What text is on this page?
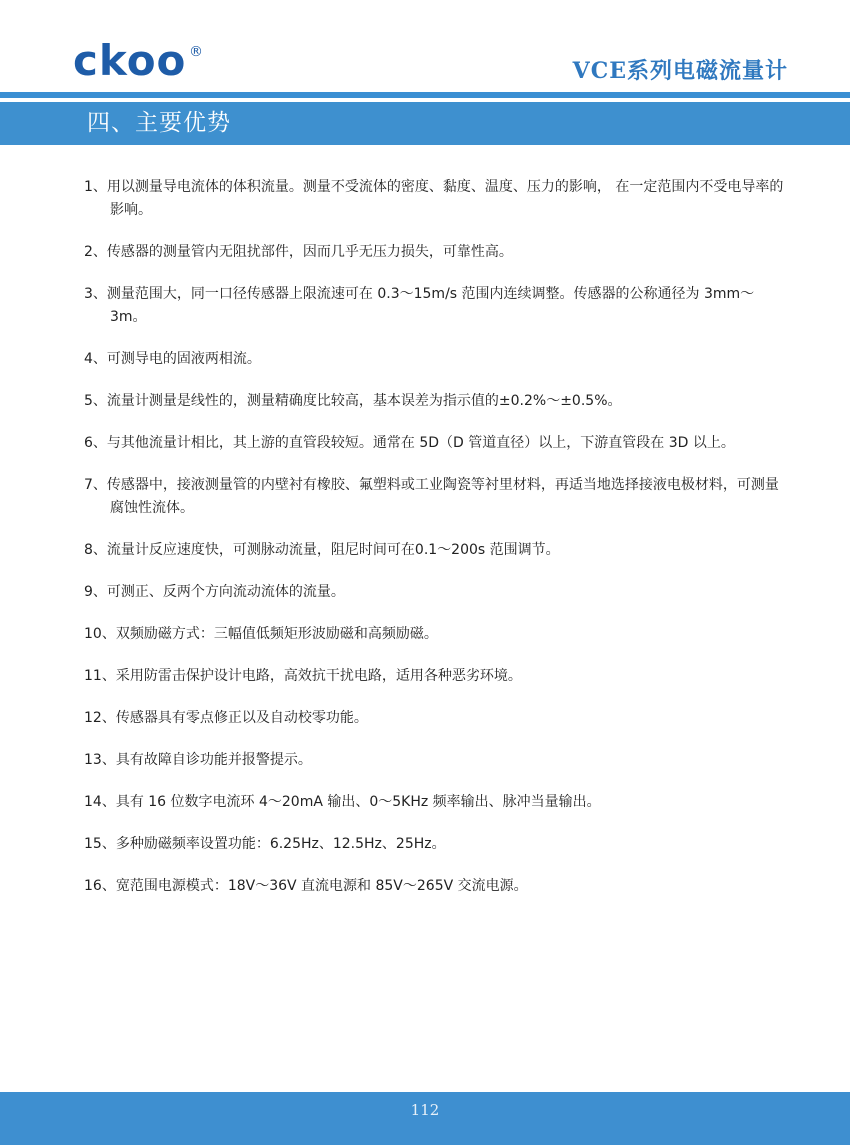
ckoo ®
VCE系列电磁流量计
四、主要优势
1、用以测量导电流体的体积流量。测量不受流体的密度、黏度、温度、压力的影响， 在一定范围内不受电导率的影响。
2、传感器的测量管内无阻扰部件，因而几乎无压力损失，可靠性高。
3、测量范围大，同一口径传感器上限流速可在 0.3～15m/s 范围内连续调整。传感器的公称通径为 3mm～3m。
4、可测导电的固液两相流。
5、流量计测量是线性的，测量精确度比较高，基本误差为指示值的±0.2%～±0.5%。
6、与其他流量计相比，其上游的直管段较短。通常在 5D（D 管道直径）以上，下游直管段在 3D 以上。
7、传感器中，接液测量管的内壁衬有橡胶、氟塑料或工业陶瓷等衬里材料，再适当地选择接液电极材料，可测量腐蚀性流体。
8、流量计反应速度快，可测脉动流量，阻尼时间可在0.1～200s 范围调节。
9、可测正、反两个方向流动流体的流量。
10、双频励磁方式：三幅值低频矩形波励磁和高频励磁。
11、采用防雷击保护设计电路，高效抗干扰电路，适用各种恶劣环境。
12、传感器具有零点修正以及自动校零功能。
13、具有故障自诊功能并报警提示。
14、具有 16 位数字电流环 4～20mA 输出、0～5KHz 频率输出、脉冲当量输出。
15、多种励磁频率设置功能：6.25Hz、12.5Hz、25Hz。
16、宽范围电源模式：18V～36V 直流电源和 85V～265V 交流电源。
112
